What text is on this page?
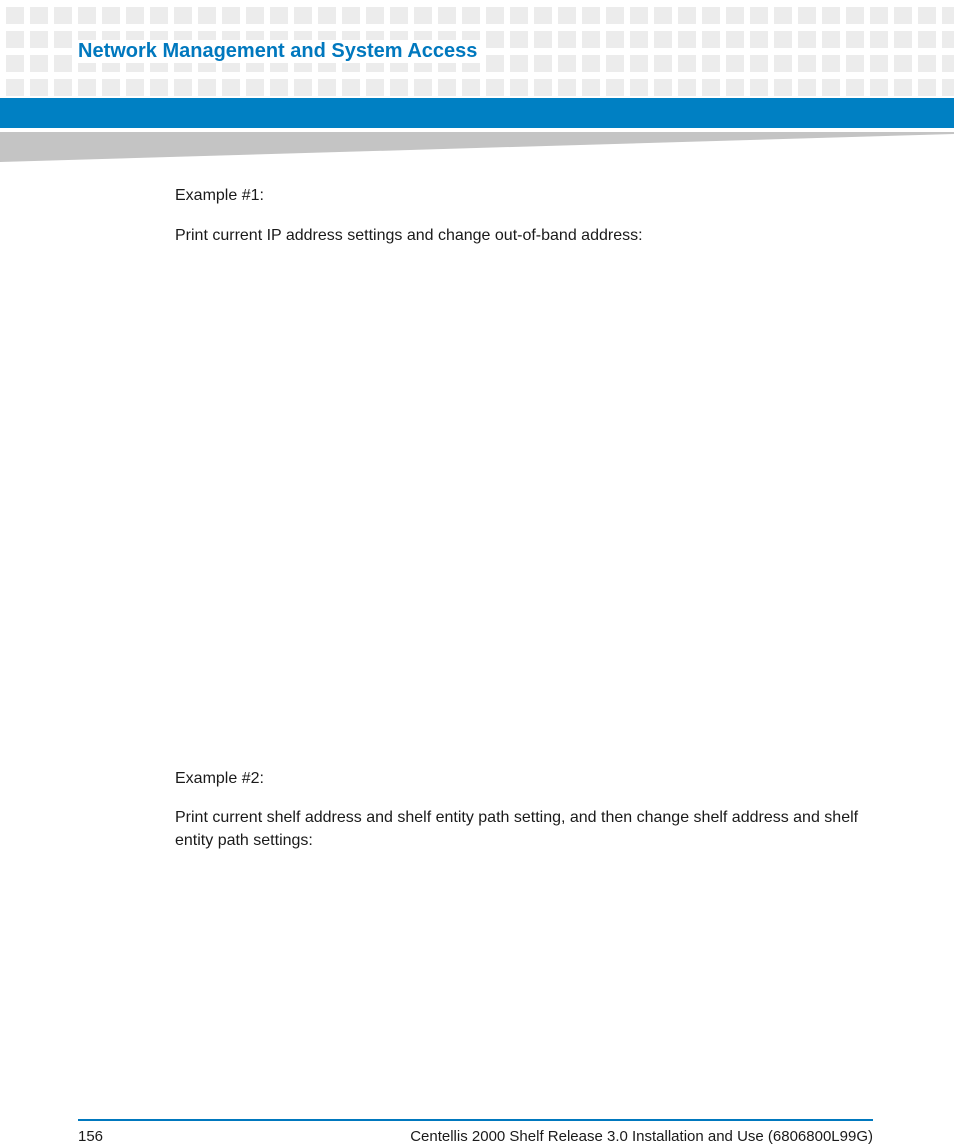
Network Management and System Access

Example #1:

Print current IP address settings and change out-of-band address:

Example #2:

Print current shelf address and shelf entity path setting, and then change shelf address and shelf entity path settings:

156	Centellis 2000 Shelf Release 3.0 Installation and Use (6806800L99G)
